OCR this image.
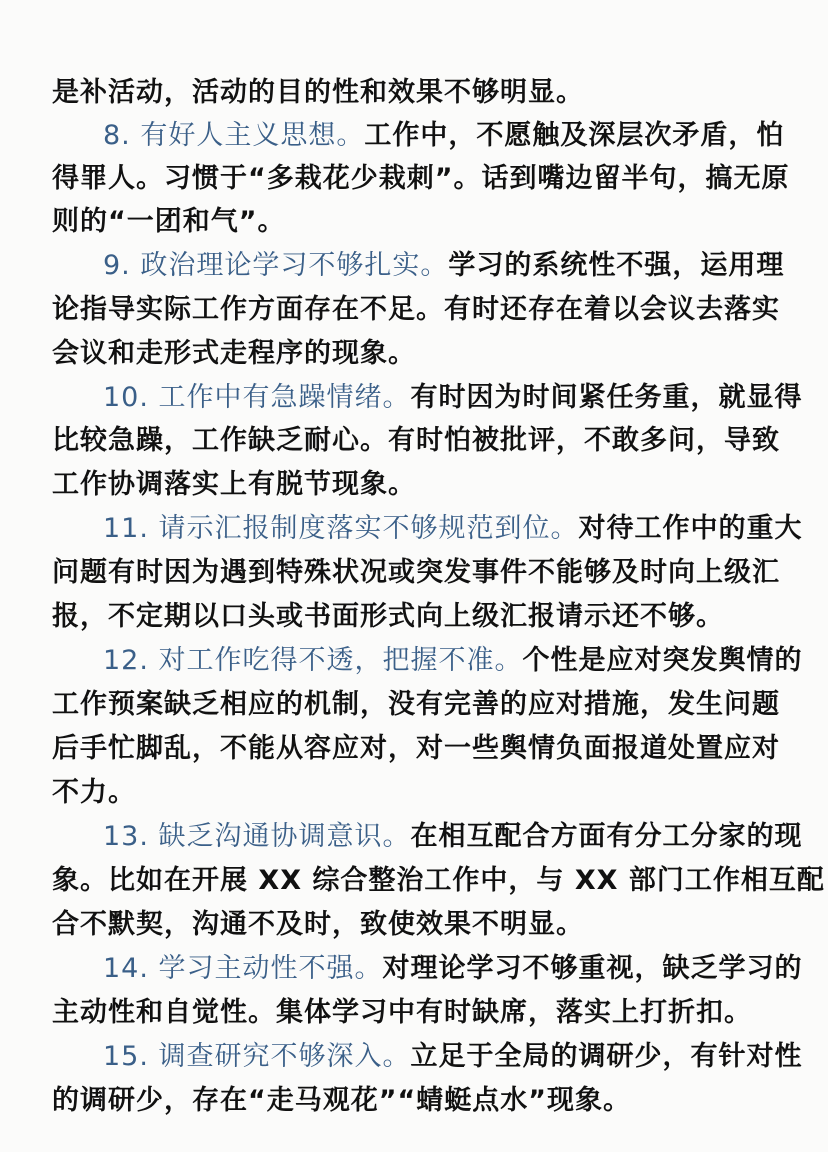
是补活动，活动的目的性和效果不够明显。
8. 有好人主义思想。工作中，不愿触及深层次矛盾，怕
得罪人。习惯于“多栽花少栽刺”。话到嘴边留半句，搞无原
则的“一团和气”。
9. 政治理论学习不够扎实。学习的系统性不强，运用理
论指导实际工作方面存在不足。有时还存在着以会议去落实
会议和走形式走程序的现象。
10. 工作中有急躁情绪。有时因为时间紧任务重，就显得
比较急躁，工作缺乏耐心。有时怕被批评，不敢多问，导致
工作协调落实上有脱节现象。
11. 请示汇报制度落实不够规范到位。对待工作中的重大
问题有时因为遇到特殊状况或突发事件不能够及时向上级汇
报，不定期以口头或书面形式向上级汇报请示还不够。
12. 对工作吃得不透，把握不准。个性是应对突发舆情的
工作预案缺乏相应的机制，没有完善的应对措施，发生问题
后手忙脚乱，不能从容应对，对一些舆情负面报道处置应对
不力。
13. 缺乏沟通协调意识。在相互配合方面有分工分家的现
象。比如在开展 XX 综合整治工作中，与 XX 部门工作相互配
合不默契，沟通不及时，致使效果不明显。
14. 学习主动性不强。对理论学习不够重视，缺乏学习的
主动性和自觉性。集体学习中有时缺席，落实上打折扣。
15. 调查研究不够深入。立足于全局的调研少，有针对性
的调研少，存在“走马观花”“蜻蜓点水”现象。
